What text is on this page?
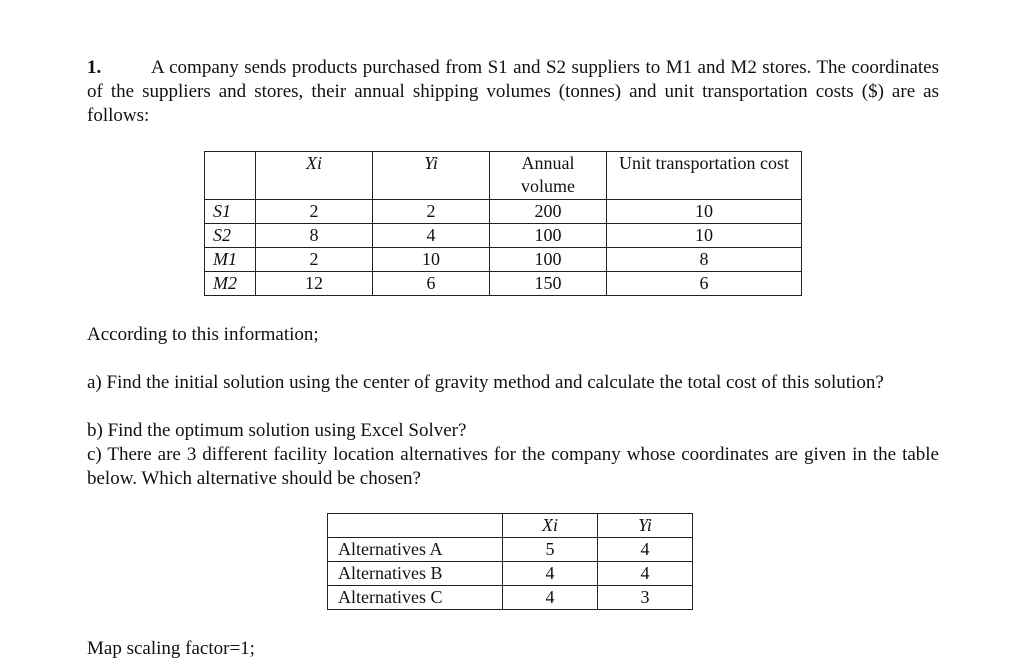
1.	A company sends products purchased from S1 and S2 suppliers to M1 and M2 stores. The coordinates of the suppliers and stores, their annual shipping volumes (tonnes) and unit transportation costs ($) are as follows:

	Xi	Yi	Annual volume	Unit transportation cost
S1	2	2	200	10
S2	8	4	100	10
M1	2	10	100	8
M2	12	6	150	6

According to this information;

a) Find the initial solution using the center of gravity method and calculate the total cost of this solution?

b) Find the optimum solution using Excel Solver?

c) There are 3 different facility location alternatives for the company whose coordinates are given in the table below. Which alternative should be chosen?

	Xi	Yi
Alternatives A	5	4
Alternatives B	4	4
Alternatives C	4	3

Map scaling factor=1;
